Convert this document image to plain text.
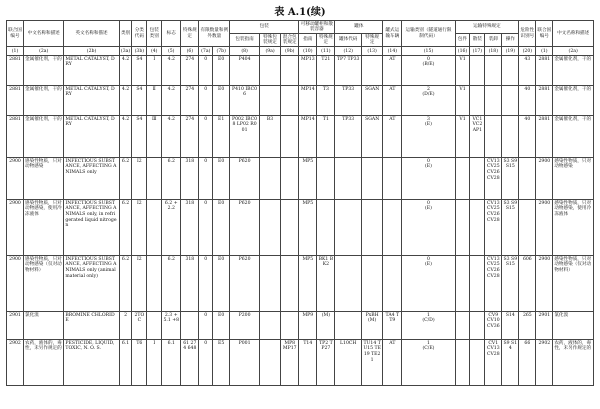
表 A.1(续)
联合国编号	中文名称和描述	英文名称和描述	类别	分类代码	包装类别	标志	特殊规定	有限数量和例外数量		包装			可移动罐柜和散装容器		罐体		罐式运输车辆	运输类别（隧道通行限制代码）	运输特殊规定				危险性识别号	联合国编号	中文名称和描述
										包装指南	特殊包装规定	混合包装规定	指南	特殊规定	罐体代码	特殊规定			包件	散装	装卸	操作			
(1)	(2a)	(2b)	(3a)	(3b)	(4)	(5)	(6)	(7a)	(7b)	(8)	(9a)	(9b)	(10)	(11)	(12)	(13)	(14)	(15)	(16)	(17)	(18)	(19)	(20)	(1)	(2a)
2881	金属催化剂，干的	METAL CATALYST, DRY	4.2	S4	Ⅰ	4.2	274	0	E0	P404			MP13	T21	TP7 TP33		AT	0
(B/E)	V1				43	2881	金属催化剂，干的
2881	金属催化剂，干的	METAL CATALYST, DRY	4.2	S4	Ⅱ	4.2	274	0	E0	P410 IBC06			MP14	T3	TP33	SGAN	AT	2
(D/E)	V1				40	2881	金属催化剂，干的
2881	金属催化剂，干的	METAL CATALYST, DRY	4.2	S4	Ⅲ	4.2	274	0	E1	P002 IBC08 LP02 R001	B3		MP14	T1	TP33	SGAN	AT	3
(E)	V1	VC1 VC2 AP1			40	2881	金属催化剂，干的
2900	感染性物质，只对动物感染	INFECTIOUS SUBSTANCE, AFFECTING ANIMALS only	6.2	I2		6.2	318	0	E0	P620			MP5					0
(E)			CV13 CV25 CV26 CV28	S3 S9 S15		2900	感染性物质，只对动物感染
2900	感染性物质，只对动物感染，使用冷冻液体	INFECTIOUS SUBSTANCE, AFFECTING ANIMALS only, in refrigerated liquid nitrogen	6.2	I2		6.2 + 2.2	318	0	E0	P620			MP5					0
(E)			CV13 CV25 CV26 CV28	S3 S9 S15		2900	感染性物质，只对动物感染，使用冷冻液体
2900	感染性物质，只对动物感染（仅对动物材料）	INFECTIOUS SUBSTANCE, AFFECTING ANIMALS only (animal material only)	6.2	I2		6.2	318	0	E0	P620			MP5	BK1 BK2				0
(E)			CV13 CV25 CV26 CV28	S3 S9 S15	606	2900	感染性物质，只对动物感染（仅对动物材料）
2901	氯化溴	BROMINE CHLORIDE	2	2TOC		2.3 +5.1 +8		0	E0	P200			MP9	(M)		PxBH (M)	TA4 TT9	1
(C/D)			CV9 CV10 CV36	S14	265	2901	氯化溴
2902	农药，液体的，毒性，未另作规定的	PESTICIDE, LIQUID, TOXIC, N. O. S.	6.1	T6	Ⅰ	6.1	61 274 648	0	E5	P001		MP8 MP17	T14	TP2 TP27	L10CH	TU14 TU15 TE19 TE21	AT	1
(C/E)			CV1 CV13 CV28	S9 S14	66	2902	农药，液体的，毒性，未另作规定的
